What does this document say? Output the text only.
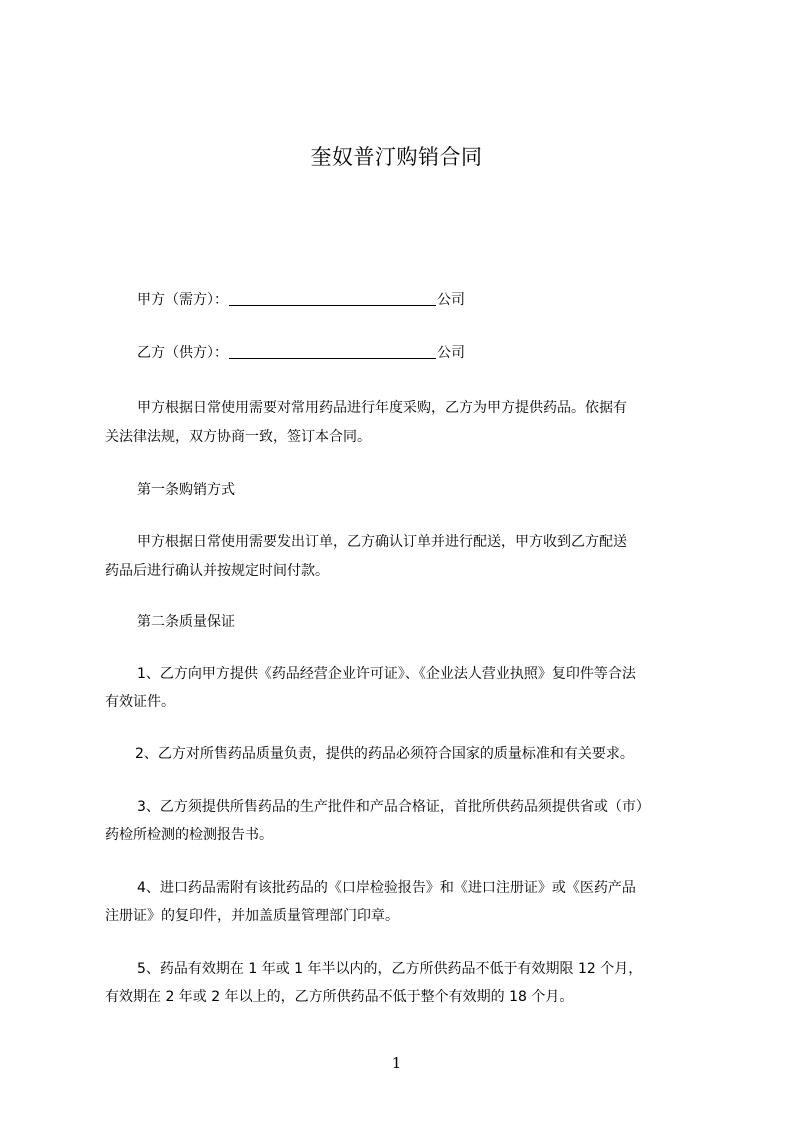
奎奴普汀购销合同
甲方（需方）：	公司
乙方（供方）：	公司
甲方根据日常使用需要对常用药品进行年度采购，乙方为甲方提供药品。依据有
关法律法规，双方协商一致，签订本合同。
第一条购销方式
甲方根据日常使用需要发出订单，乙方确认订单并进行配送，甲方收到乙方配送
药品后进行确认并按规定时间付款。
第二条质量保证
1、乙方向甲方提供《药品经营企业许可证》、《企业法人营业执照》复印件等合法
有效证件。
2、乙方对所售药品质量负责，提供的药品必须符合国家的质量标准和有关要求。
3、乙方须提供所售药品的生产批件和产品合格证，首批所供药品须提供省或（市）
药检所检测的检测报告书。
4、进口药品需附有该批药品的《口岸检验报告》和《进口注册证》或《医药产品
注册证》的复印件，并加盖质量管理部门印章。
5、药品有效期在 1 年或 1 年半以内的，乙方所供药品不低于有效期限 12 个月，
有效期在 2 年或 2 年以上的，乙方所供药品不低于整个有效期的 18 个月。
1
